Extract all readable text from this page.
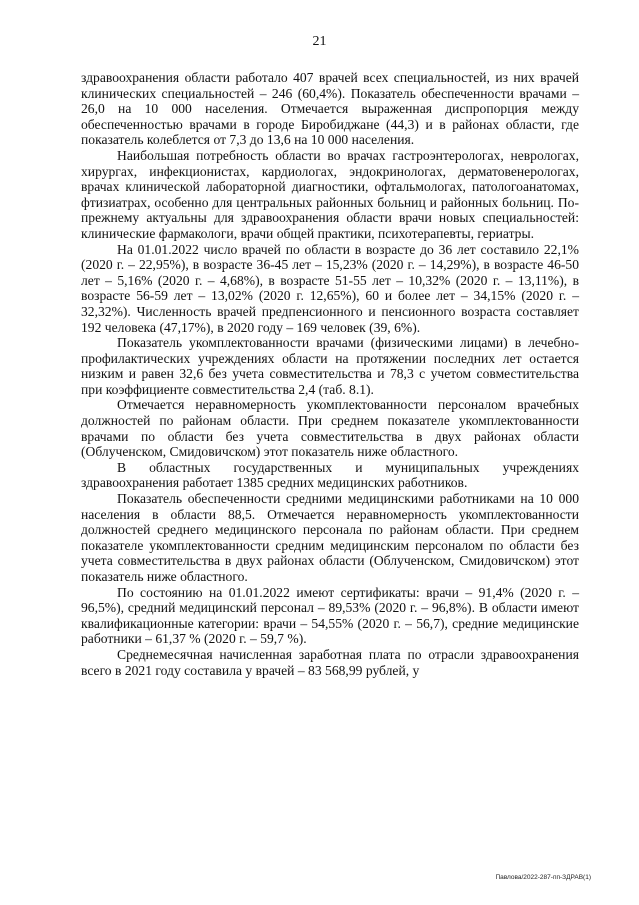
21

здравоохранения области работало 407 врачей всех специальностей, из них врачей клинических специальностей – 246 (60,4%). Показатель обеспеченности врачами – 26,0 на 10 000 населения. Отмечается выраженная диспропорция между обеспеченностью врачами в городе Биробиджане (44,3) и в районах области, где показатель колеблется от 7,3 до 13,6 на 10 000 населения.

Наибольшая потребность области во врачах гастроэнтерологах, неврологах, хирургах, инфекционистах, кардиологах, эндокринологах, дерматовенерологах, врачах клинической лабораторной диагностики, офтальмологах, патологоанатомах, фтизиатрах, особенно для центральных районных больниц и районных больниц. По-прежнему актуальны для здравоохранения области врачи новых специальностей: клинические фармакологи, врачи общей практики, психотерапевты, гериатры.

На 01.01.2022 число врачей по области в возрасте до 36 лет составило 22,1% (2020 г. – 22,95%), в возрасте 36-45 лет – 15,23% (2020 г. – 14,29%), в возрасте 46-50 лет – 5,16% (2020 г. – 4,68%), в возрасте 51-55 лет – 10,32% (2020 г. – 13,11%), в возрасте 56-59 лет – 13,02% (2020 г. 12,65%), 60 и более лет – 34,15% (2020 г. – 32,32%). Численность врачей предпенсионного и пенсионного возраста составляет 192 человека (47,17%), в 2020 году – 169 человек (39, 6%).

Показатель укомплектованности врачами (физическими лицами) в лечебно-профилактических учреждениях области на протяжении последних лет остается низким и равен 32,6 без учета совместительства и 78,3 с учетом совместительства при коэффициенте совместительства 2,4 (таб. 8.1).

Отмечается неравномерность укомплектованности персоналом врачебных должностей по районам области. При среднем показателе укомплектованности врачами по области без учета совместительства в двух районах области (Облученском, Смидовичском) этот показатель ниже областного.

В областных государственных и муниципальных учреждениях здравоохранения работает 1385 средних медицинских работников.

Показатель обеспеченности средними медицинскими работниками на 10 000 населения в области 88,5. Отмечается неравномерность укомплектованности должностей среднего медицинского персонала по районам области. При среднем показателе укомплектованности средним медицинским персоналом по области без учета совместительства в двух районах области (Облученском, Смидовичском) этот показатель ниже областного.

По состоянию на 01.01.2022 имеют сертификаты: врачи – 91,4% (2020 г. – 96,5%), средний медицинский персонал – 89,53% (2020 г. – 96,8%). В области имеют квалификационные категории: врачи – 54,55% (2020 г. – 56,7), средние медицинские работники – 61,37 % (2020 г. – 59,7 %).

Среднемесячная начисленная заработная плата по отрасли здравоохранения всего в 2021 году составила у врачей – 83 568,99 рублей, у

Павлова/2022-287-пп-ЗДРАВ(1)
